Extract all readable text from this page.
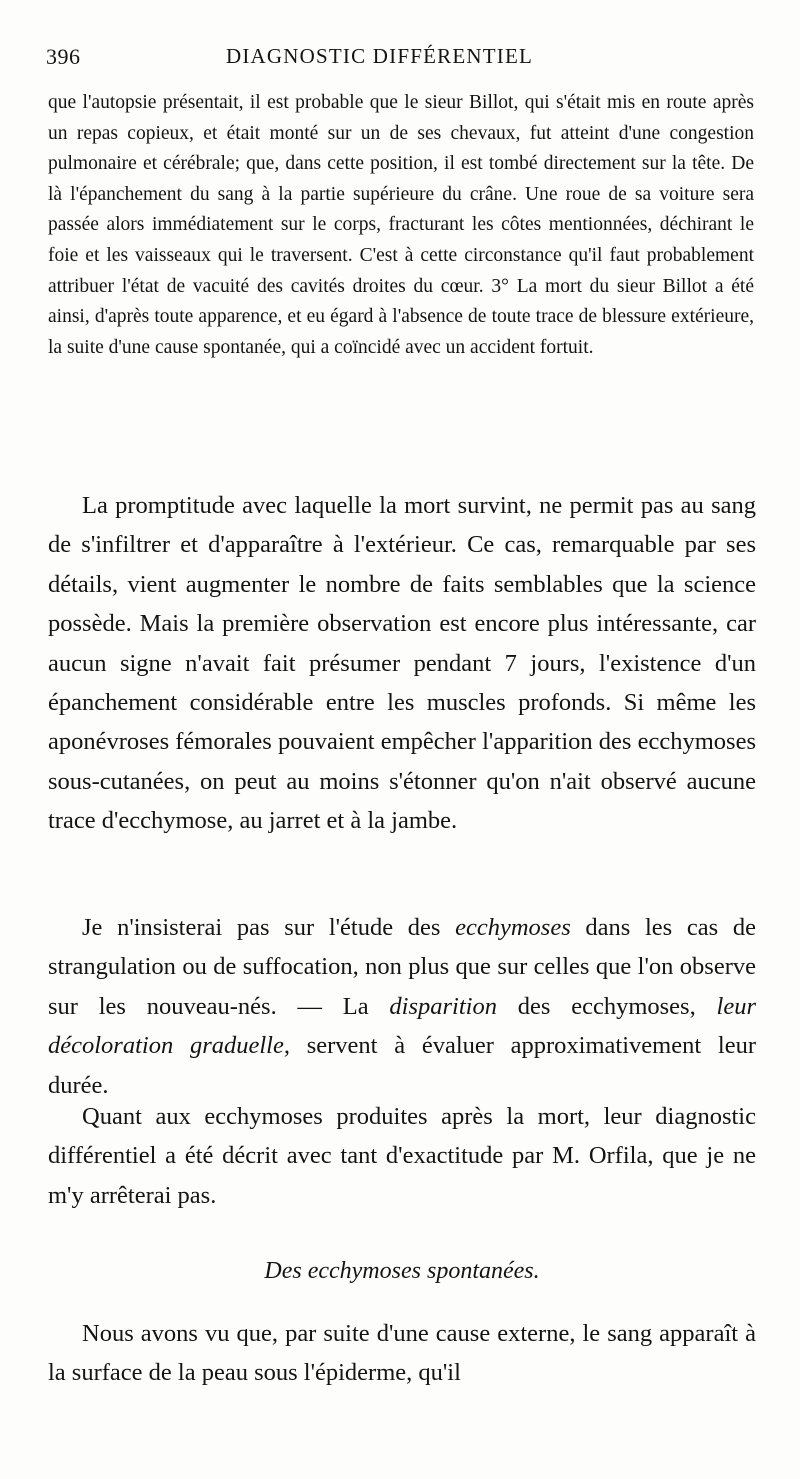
396	DIAGNOSTIC DIFFÉRENTIEL
que l'autopsie présentait, il est probable que le sieur Billot, qui s'était mis en route après un repas copieux, et était monté sur un de ses chevaux, fut atteint d'une congestion pulmonaire et cérébrale; que, dans cette position, il est tombé directement sur la tête. De là l'épanchement du sang à la partie supérieure du crâne. Une roue de sa voiture sera passée alors immédiatement sur le corps, fracturant les côtes mentionnées, déchirant le foie et les vaisseaux qui le traversent. C'est à cette circonstance qu'il faut probablement attribuer l'état de vacuité des cavités droites du cœur. 3° La mort du sieur Billot a été ainsi, d'après toute apparence, et eu égard à l'absence de toute trace de blessure extérieure, la suite d'une cause spontanée, qui a coïncidé avec un accident fortuit.

La promptitude avec laquelle la mort survint, ne permit pas au sang de s'infiltrer et d'apparaître à l'extérieur. Ce cas, remarquable par ses détails, vient augmenter le nombre de faits semblables que la science possède. Mais la première observation est encore plus intéressante, car aucun signe n'avait fait présumer pendant 7 jours, l'existence d'un épanchement considérable entre les muscles profonds. Si même les aponévroses fémorales pouvaient empêcher l'apparition des ecchymoses sous-cutanées, on peut au moins s'étonner qu'on n'ait observé aucune trace d'ecchymose, au jarret et à la jambe.

Je n'insisterai pas sur l'étude des ecchymoses dans les cas de strangulation ou de suffocation, non plus que sur celles que l'on observe sur les nouveau-nés. — La disparition des ecchymoses, leur décoloration graduelle, servent à évaluer approximativement leur durée.

Quant aux ecchymoses produites après la mort, leur diagnostic différentiel a été décrit avec tant d'exactitude par M. Orfila, que je ne m'y arrêterai pas.

Des ecchymoses spontanées.

Nous avons vu que, par suite d'une cause externe, le sang apparaît à la surface de la peau sous l'épiderme, qu'il
